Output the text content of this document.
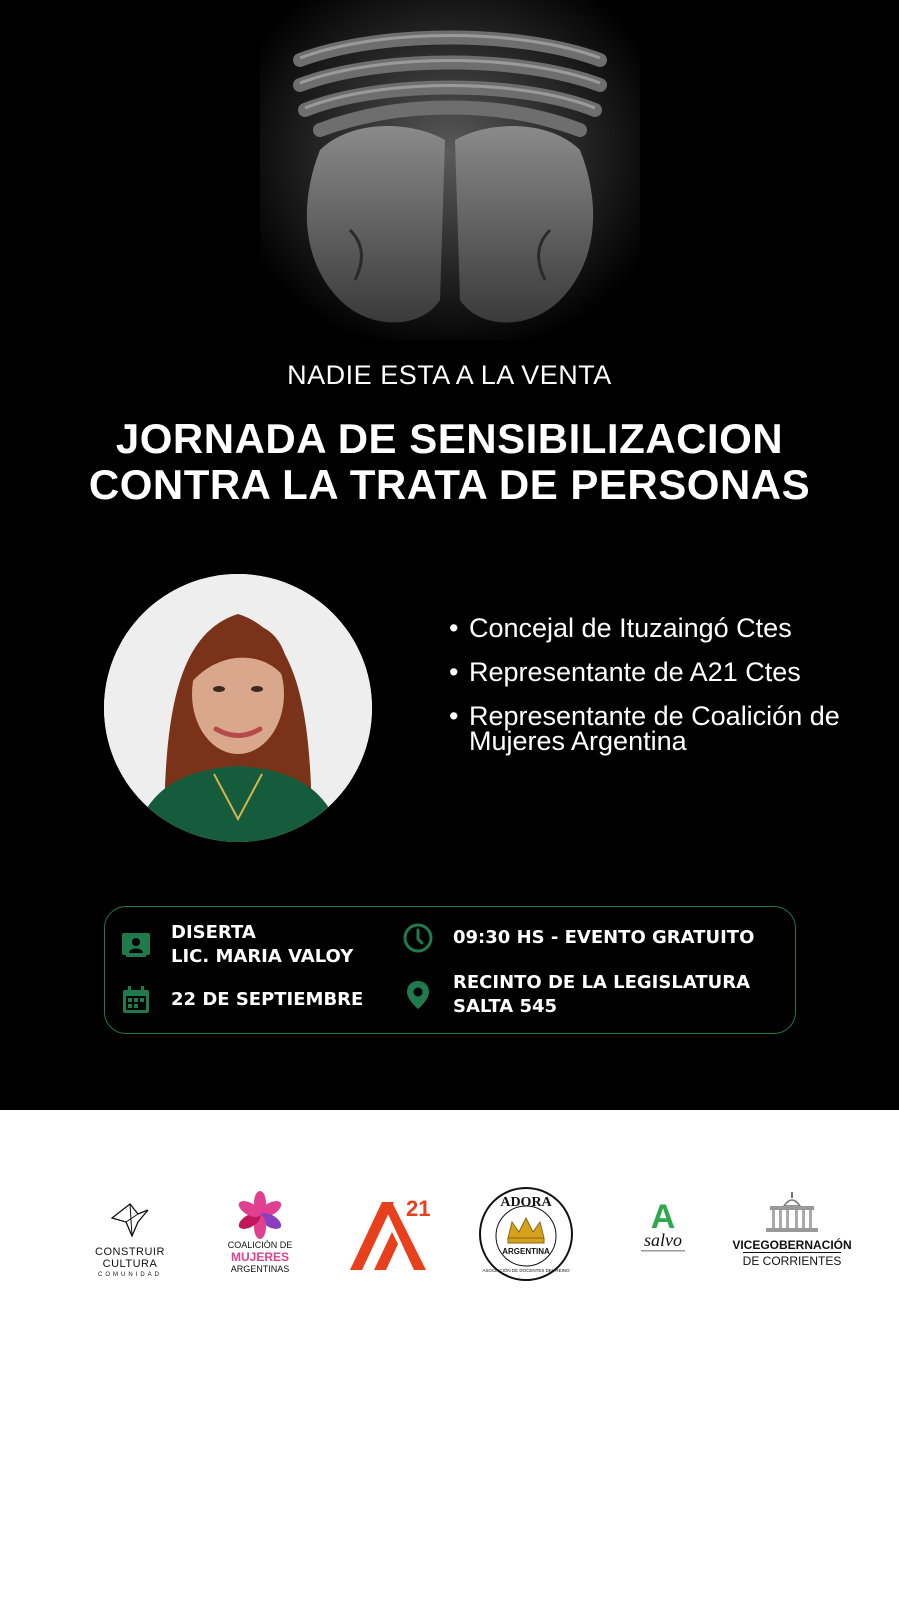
NADIE ESTA A LA VENTA
JORNADA DE SENSIBILIZACION
CONTRA LA TRATA DE PERSONAS
• Concejal de Ituzaingó Ctes
• Representante de A21 Ctes
• Representante de Coalición de Mujeres Argentina
DISERTA
LIC. MARIA VALOY
22 DE SEPTIEMBRE
09:30 HS - EVENTO GRATUITO
RECINTO DE LA LEGISLATURA
SALTA 545
CONSTRUIR CULTURA
COMUNIDAD
COALICIÓN DE
MUJERES
ARGENTINAS
21	ADORA
ARGENTINA
ASOCIACIÓN DE DOCENTES DEL REINO
A
salvo	VICEGOBERNACIÓN
DE CORRIENTES
